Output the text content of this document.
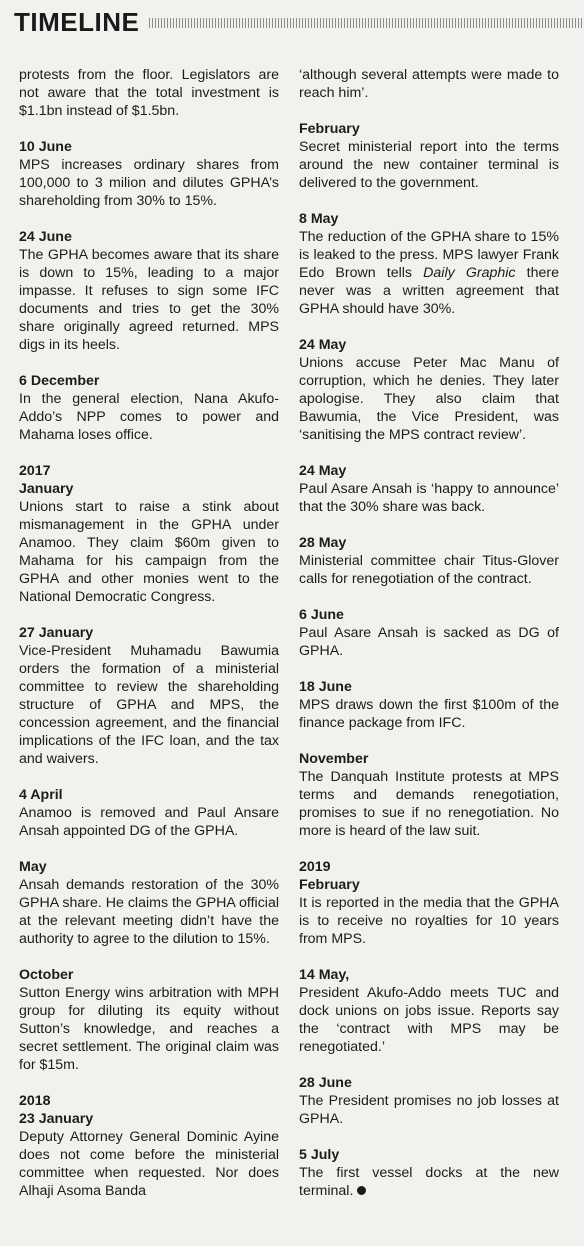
TIMELINE
protests from the floor. Legislators are not aware that the total investment is $1.1bn instead of $1.5bn.
10 June
MPS increases ordinary shares from 100,000 to 3 milion and dilutes GPHA’s shareholding from 30% to 15%.
24 June
The GPHA becomes aware that its share is down to 15%, leading to a major impasse. It refuses to sign some IFC documents and tries to get the 30% share originally agreed returned. MPS digs in its heels.
6 December
In the general election, Nana Akufo-Addo’s NPP comes to power and Mahama loses office.
2017
January
Unions start to raise a stink about mismanagement in the GPHA under Anamoo. They claim $60m given to Mahama for his campaign from the GPHA and other monies went to the National Democratic Congress.
27 January
Vice-President Muhamadu Bawumia orders the formation of a ministerial committee to review the shareholding structure of GPHA and MPS, the concession agreement, and the financial implications of the IFC loan, and the tax and waivers.
4 April
Anamoo is removed and Paul Ansare Ansah appointed DG of the GPHA.
May
Ansah demands restoration of the 30% GPHA share. He claims the GPHA official at the relevant meeting didn’t have the authority to agree to the dilution to 15%.
October
Sutton Energy wins arbitration with MPH group for diluting its equity without Sutton’s knowledge, and reaches a secret settlement. The original claim was for $15m.
2018
23 January
Deputy Attorney General Dominic Ayine does not come before the ministerial committee when requested. Nor does Alhaji Asoma Banda
‘although several attempts were made to reach him’.
February
Secret ministerial report into the terms around the new container terminal is delivered to the government.
8 May
The reduction of the GPHA share to 15% is leaked to the press. MPS lawyer Frank Edo Brown tells Daily Graphic there never was a written agreement that GPHA should have 30%.
24 May
Unions accuse Peter Mac Manu of corruption, which he denies. They later apologise. They also claim that Bawumia, the Vice President, was ‘sanitising the MPS contract review’.
24 May
Paul Asare Ansah is ‘happy to announce’ that the 30% share was back.
28 May
Ministerial committee chair Titus-Glover calls for renegotiation of the contract.
6 June
Paul Asare Ansah is sacked as DG of GPHA.
18 June
MPS draws down the first $100m of the finance package from IFC.
November
The Danquah Institute protests at MPS terms and demands renegotiation, promises to sue if no renegotiation. No more is heard of the law suit.
2019
February
It is reported in the media that the GPHA is to receive no royalties for 10 years from MPS.
14 May,
President Akufo-Addo meets TUC and dock unions on jobs issue. Reports say the ‘contract with MPS may be renegotiated.’
28 June
The President promises no job losses at GPHA.
5 July
The first vessel docks at the new terminal.
